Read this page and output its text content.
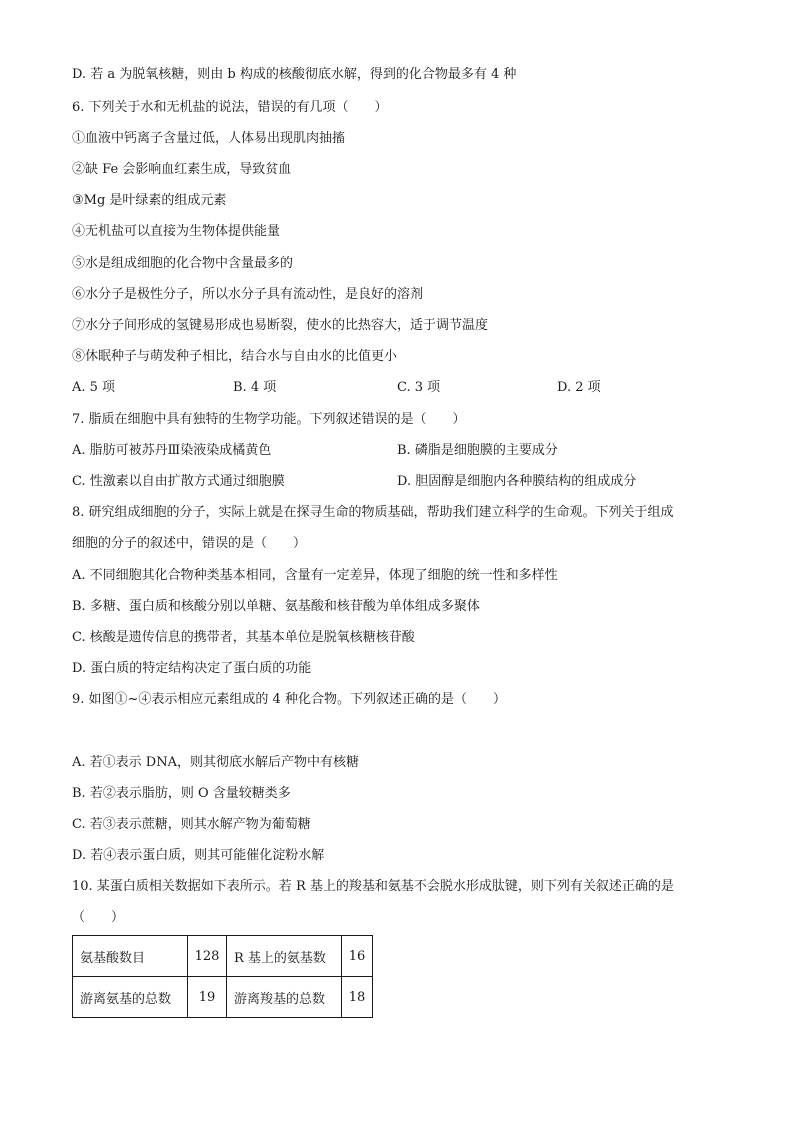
D. 若 a 为脱氧核糖，则由 b 构成的核酸彻底水解，得到的化合物最多有 4 种
6. 下列关于水和无机盐的说法，错误的有几项（　　）
①血液中钙离子含量过低，人体易出现肌肉抽搐
②缺 Fe 会影响血红素生成，导致贫血
③Mg 是叶绿素的组成元素
④无机盐可以直接为生物体提供能量
⑤水是组成细胞的化合物中含量最多的
⑥水分子是极性分子，所以水分子具有流动性，是良好的溶剂
⑦水分子间形成的氢键易形成也易断裂，使水的比热容大，适于调节温度
⑧休眠种子与萌发种子相比，结合水与自由水的比值更小
A. 5 项	B. 4 项	C. 3 项	D. 2 项
7. 脂质在细胞中具有独特的生物学功能。下列叙述错误的是（　　）
A. 脂肪可被苏丹Ⅲ染液染成橘黄色	B. 磷脂是细胞膜的主要成分
C. 性激素以自由扩散方式通过细胞膜	D. 胆固醇是细胞内各种膜结构的组成成分
8. 研究组成细胞的分子，实际上就是在探寻生命的物质基础，帮助我们建立科学的生命观。下列关于组成
细胞的分子的叙述中，错误的是（　　）
A. 不同细胞其化合物种类基本相同，含量有一定差异，体现了细胞的统一性和多样性
B. 多糖、蛋白质和核酸分别以单糖、氨基酸和核苷酸为单体组成多聚体
C. 核酸是遗传信息的携带者，其基本单位是脱氧核糖核苷酸
D. 蛋白质的特定结构决定了蛋白质的功能
9. 如图①~④表示相应元素组成的 4 种化合物。下列叙述正确的是（　　）
A. 若①表示 DNA，则其彻底水解后产物中有核糖
B. 若②表示脂肪，则 O 含量较糖类多
C. 若③表示蔗糖，则其水解产物为葡萄糖
D. 若④表示蛋白质，则其可能催化淀粉水解
10. 某蛋白质相关数据如下表所示。若 R 基上的羧基和氨基不会脱水形成肽键，则下列有关叙述正确的是
（　　）
氨基酸数目	128	R 基上的氨基数	16
游离氨基的总数	19	游离羧基的总数	18
